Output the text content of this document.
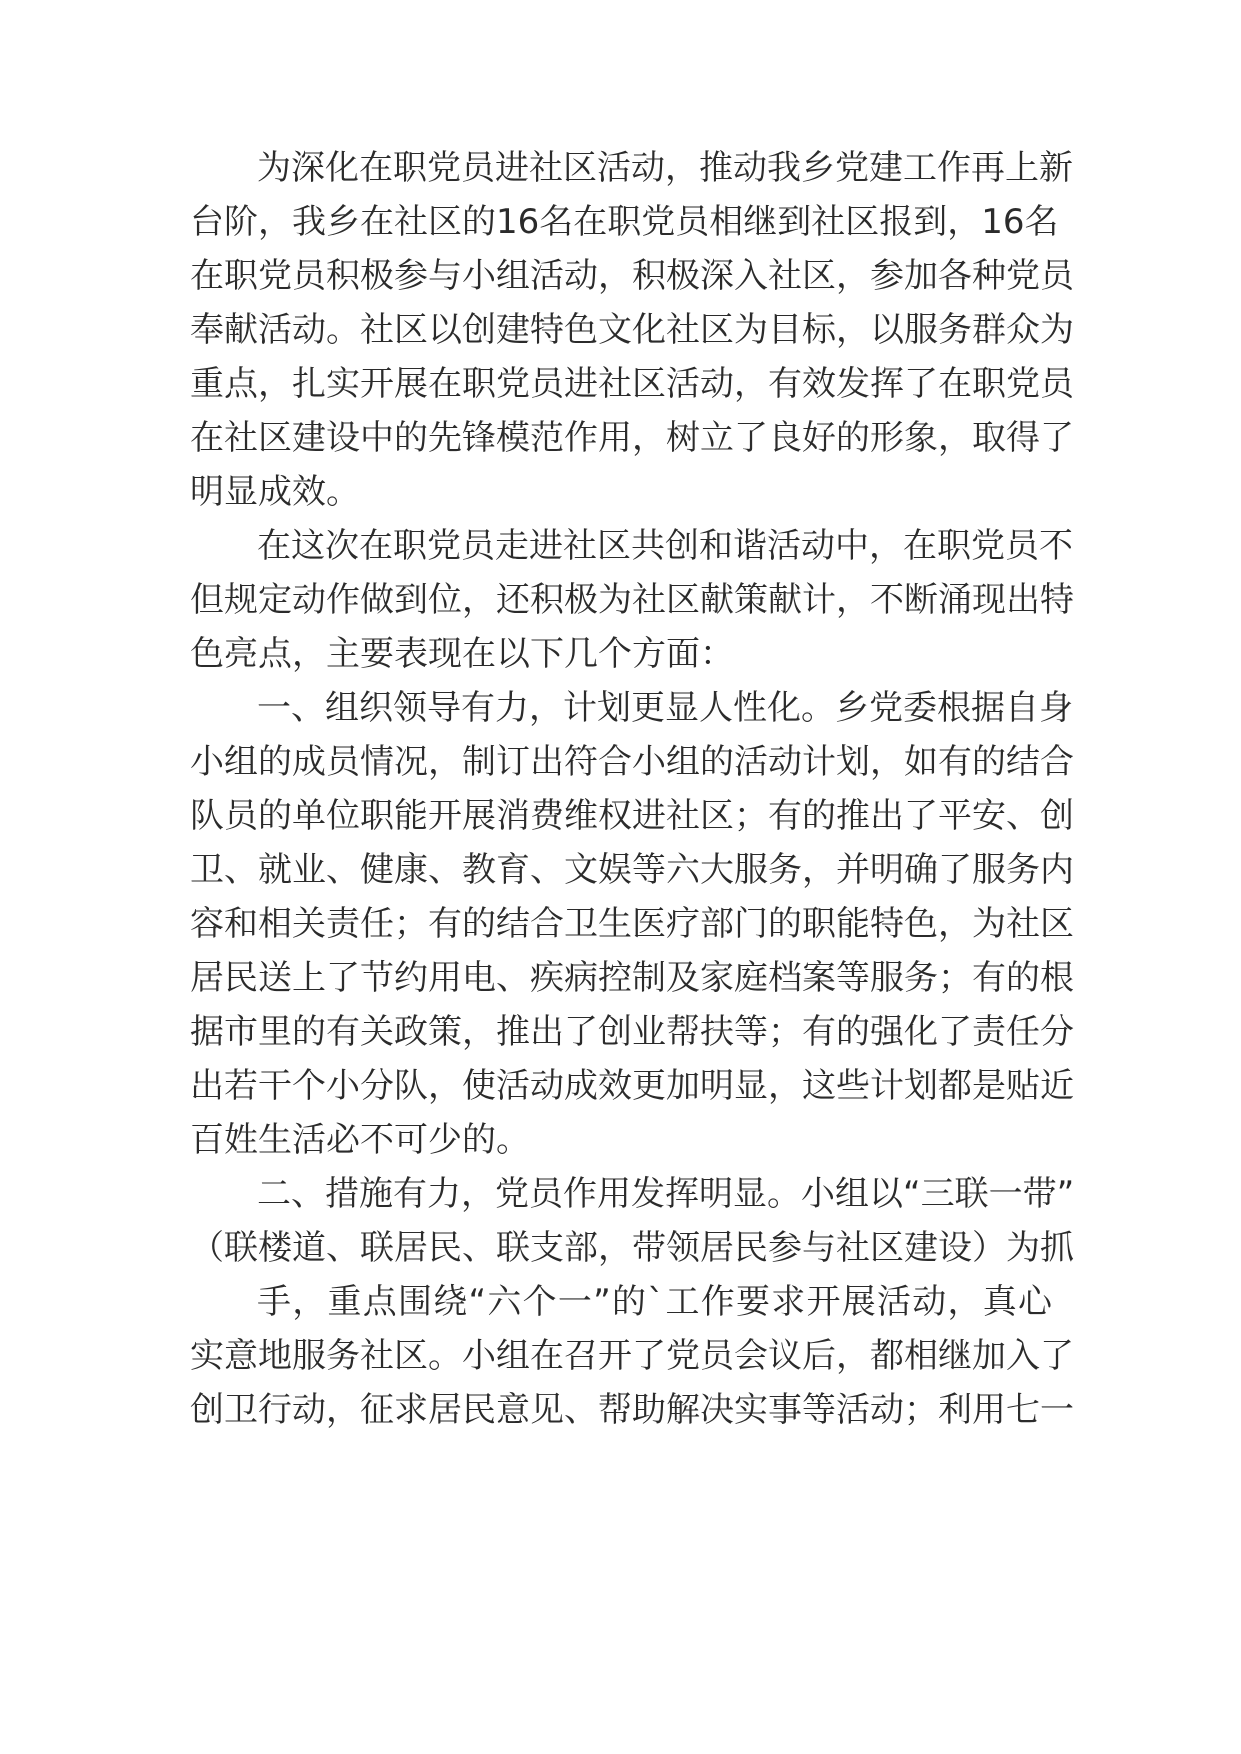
为深化在职党员进社区活动，推动我乡党建工作再上新
台阶，我乡在社区的16名在职党员相继到社区报到，16名
在职党员积极参与小组活动，积极深入社区，参加各种党员
奉献活动。社区以创建特色文化社区为目标，以服务群众为
重点，扎实开展在职党员进社区活动，有效发挥了在职党员
在社区建设中的先锋模范作用，树立了良好的形象，取得了
明显成效。
在这次在职党员走进社区共创和谐活动中，在职党员不
但规定动作做到位，还积极为社区献策献计，不断涌现出特
色亮点，主要表现在以下几个方面：
一、组织领导有力，计划更显人性化。乡党委根据自身
小组的成员情况，制订出符合小组的活动计划，如有的结合
队员的单位职能开展消费维权进社区；有的推出了平安、创
卫、就业、健康、教育、文娱等六大服务，并明确了服务内
容和相关责任；有的结合卫生医疗部门的职能特色，为社区
居民送上了节约用电、疾病控制及家庭档案等服务；有的根
据市里的有关政策，推出了创业帮扶等；有的强化了责任分
出若干个小分队，使活动成效更加明显，这些计划都是贴近
百姓生活必不可少的。
二、措施有力，党员作用发挥明显。小组以“三联一带”
（联楼道、联居民、联支部，带领居民参与社区建设）为抓
手，重点围绕“六个一”的`工作要求开展活动，真心
实意地服务社区。小组在召开了党员会议后，都相继加入了
创卫行动，征求居民意见、帮助解决实事等活动；利用七一
